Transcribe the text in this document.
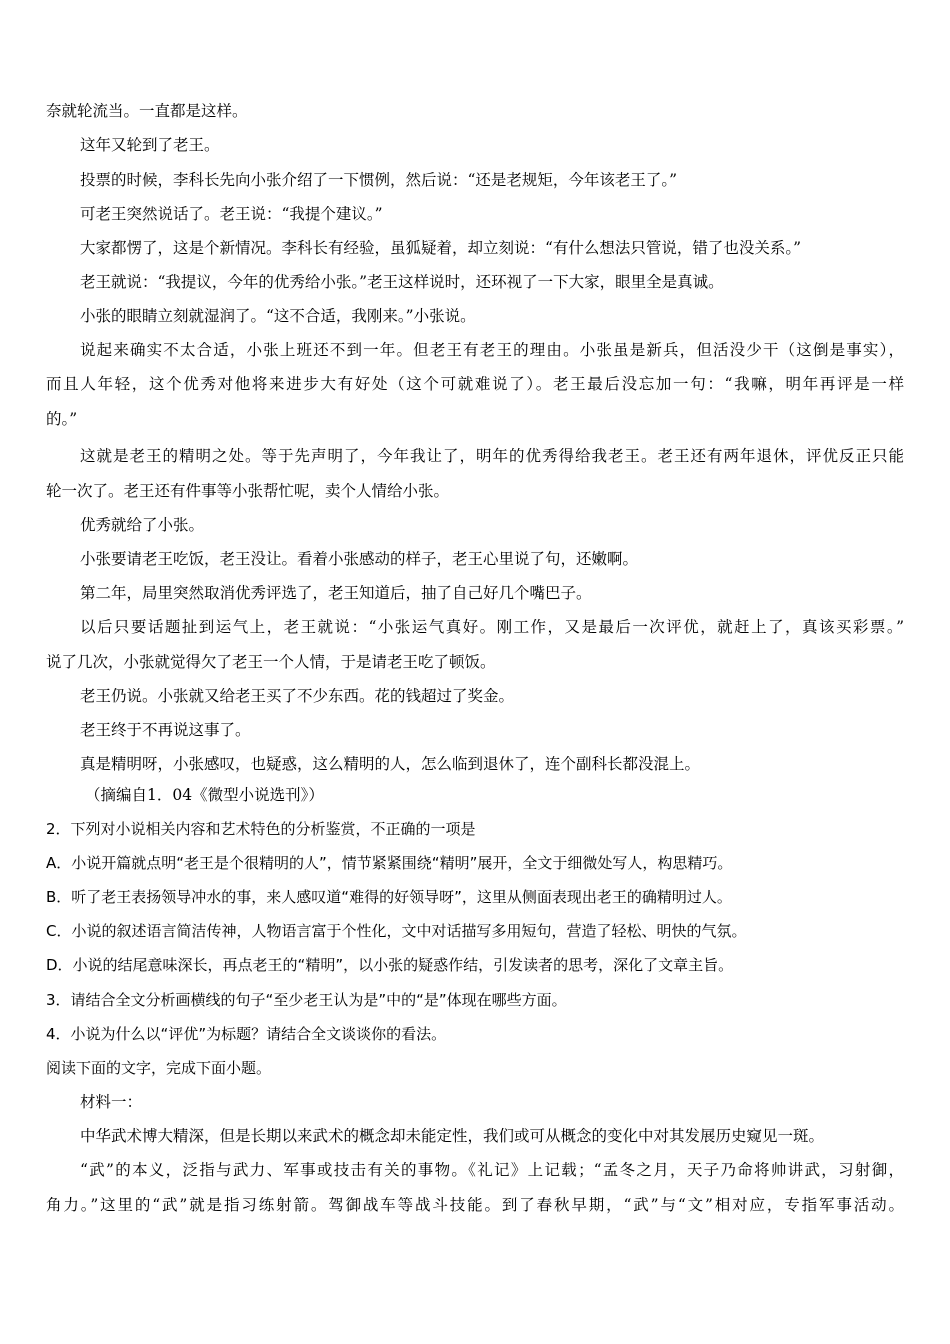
奈就轮流当。一直都是这样。
这年又轮到了老王。
投票的时候，李科长先向小张介绍了一下惯例，然后说：“还是老规矩，今年该老王了。”
可老王突然说话了。老王说：“我提个建议。”
大家都愣了，这是个新情况。李科长有经验，虽狐疑着，却立刻说：“有什么想法只管说，错了也没关系。”
老王就说：“我提议，今年的优秀给小张。”老王这样说时，还环视了一下大家，眼里全是真诚。
小张的眼睛立刻就湿润了。“这不合适，我刚来。”小张说。
说起来确实不太合适，小张上班还不到一年。但老王有老王的理由。小张虽是新兵，但活没少干（这倒是事实），
而且人年轻，这个优秀对他将来进步大有好处（这个可就难说了）。老王最后没忘加一句：“我嘛，明年再评是一样
的。”
这就是老王的精明之处。等于先声明了，今年我让了，明年的优秀得给我老王。老王还有两年退休，评优反正只能
轮一次了。老王还有件事等小张帮忙呢，卖个人情给小张。
优秀就给了小张。
小张要请老王吃饭，老王没让。看着小张感动的样子，老王心里说了句，还嫩啊。
第二年，局里突然取消优秀评选了，老王知道后，抽了自己好几个嘴巴子。
以后只要话题扯到运气上，老王就说：“小张运气真好。刚工作，又是最后一次评优，就赶上了，真该买彩票。”
说了几次，小张就觉得欠了老王一个人情，于是请老王吃了顿饭。
老王仍说。小张就又给老王买了不少东西。花的钱超过了奖金。
老王终于不再说这事了。
真是精明呀，小张感叹，也疑惑，这么精明的人，怎么临到退休了，连个副科长都没混上。
（摘编自1．04《微型小说选刊》）
2．下列对小说相关内容和艺术特色的分析鉴赏，不正确的一项是
A．小说开篇就点明“老王是个很精明的人”，情节紧紧围绕“精明”展开，全文于细微处写人，构思精巧。
B．听了老王表扬领导冲水的事，来人感叹道“难得的好领导呀”，这里从侧面表现出老王的确精明过人。
C．小说的叙述语言简洁传神，人物语言富于个性化，文中对话描写多用短句，营造了轻松、明快的气氛。
D．小说的结尾意味深长，再点老王的“精明”，以小张的疑惑作结，引发读者的思考，深化了文章主旨。
3．请结合全文分析画横线的句子“至少老王认为是”中的“是”体现在哪些方面。
4．小说为什么以“评优”为标题？请结合全文谈谈你的看法。
阅读下面的文字，完成下面小题。
材料一：
中华武术博大精深，但是长期以来武术的概念却未能定性，我们或可从概念的变化中对其发展历史窥见一斑。
“武”的本义，泛指与武力、军事或技击有关的事物。《礼记》上记载；“孟冬之月，天子乃命将帅讲武，习射御，
角力。”这里的“武”就是指习练射箭。驾御战车等战斗技能。到了春秋早期，“武”与“文”相对应，专指军事活动。
